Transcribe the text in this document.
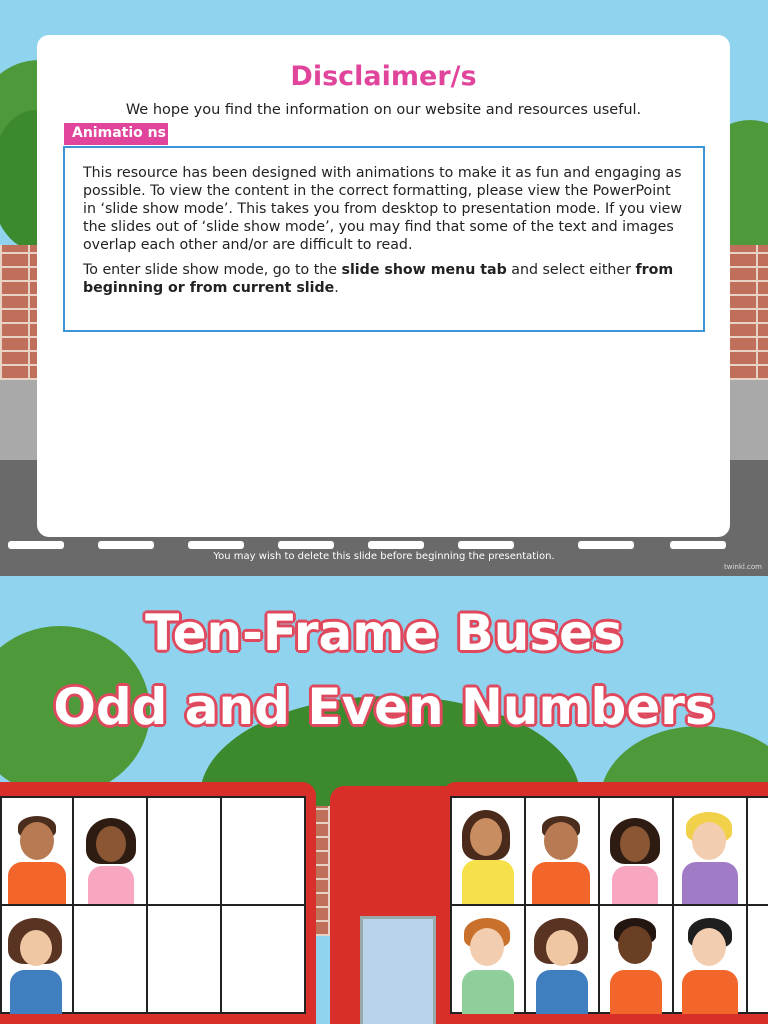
Disclaimer/s
We hope you find the information on our website and resources useful.
Animatio ns

This resource has been designed with animations to make it as fun and engaging as possible. To view the content in the correct formatting, please view the PowerPoint in ‘slide show mode’. This takes you from desktop to presentation mode. If you view the slides out of ‘slide show mode’, you may find that some of the text and images overlap each other and/or are difficult to read.

To enter slide show mode, go to the slide show menu tab and select either from beginning or from current slide.

You may wish to delete this slide before beginning the presentation.
twinkl.com
Ten-Frame Buses
Odd and Even Numbers
